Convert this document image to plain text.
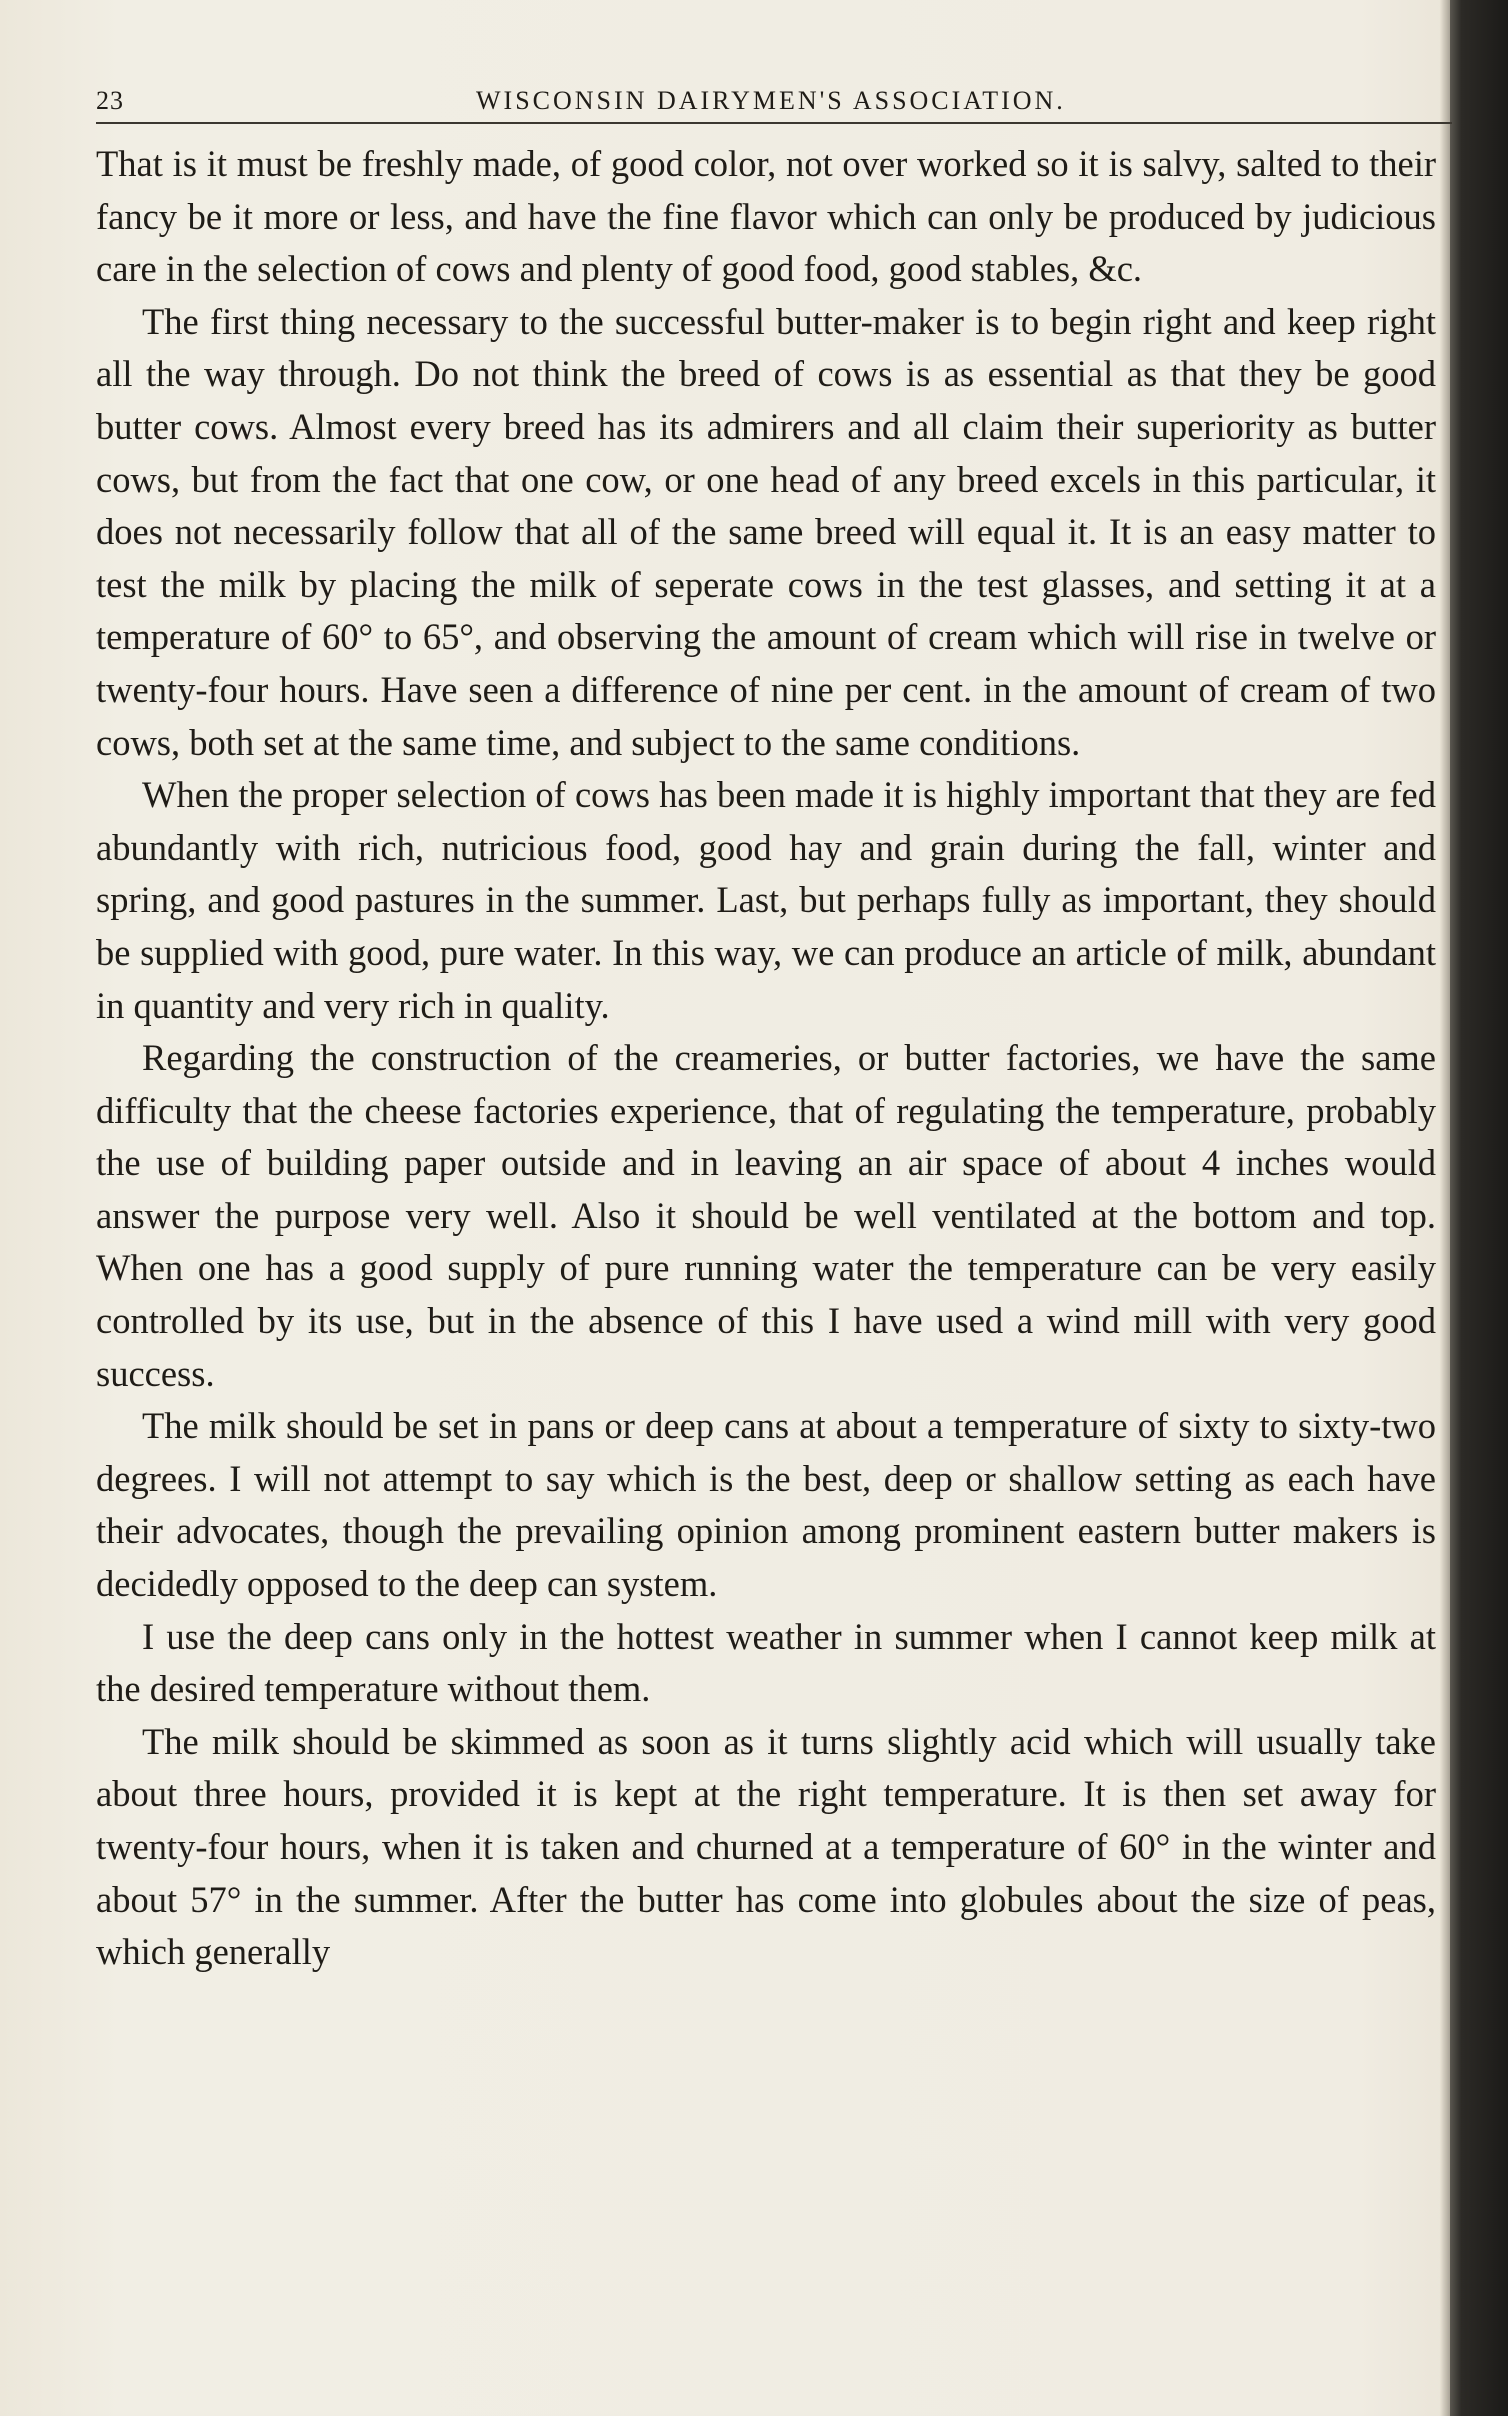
23	WISCONSIN DAIRYMEN'S ASSOCIATION.

That is it must be freshly made, of good color, not over worked so it is salvy, salted to their fancy be it more or less, and have the fine flavor which can only be produced by judicious care in the selection of cows and plenty of good food, good stables, &c.

The first thing necessary to the successful butter-maker is to begin right and keep right all the way through. Do not think the breed of cows is as essential as that they be good butter cows. Almost every breed has its admirers and all claim their superiority as butter cows, but from the fact that one cow, or one head of any breed excels in this particular, it does not necessarily follow that all of the same breed will equal it. It is an easy matter to test the milk by placing the milk of seperate cows in the test glasses, and setting it at a temperature of 60° to 65°, and observing the amount of cream which will rise in twelve or twenty-four hours. Have seen a difference of nine per cent. in the amount of cream of two cows, both set at the same time, and subject to the same conditions.

When the proper selection of cows has been made it is highly important that they are fed abundantly with rich, nutricious food, good hay and grain during the fall, winter and spring, and good pastures in the summer. Last, but perhaps fully as important, they should be supplied with good, pure water. In this way, we can produce an article of milk, abundant in quantity and very rich in quality.

Regarding the construction of the creameries, or butter factories, we have the same difficulty that the cheese factories experience, that of regulating the temperature, probably the use of building paper outside and in leaving an air space of about 4 inches would answer the purpose very well. Also it should be well ventilated at the bottom and top. When one has a good supply of pure running water the temperature can be very easily controlled by its use, but in the absence of this I have used a wind mill with very good success.

The milk should be set in pans or deep cans at about a temperature of sixty to sixty-two degrees. I will not attempt to say which is the best, deep or shallow setting as each have their advocates, though the prevailing opinion among prominent eastern butter makers is decidedly opposed to the deep can system.

I use the deep cans only in the hottest weather in summer when I cannot keep milk at the desired temperature without them.

The milk should be skimmed as soon as it turns slightly acid which will usually take about three hours, provided it is kept at the right temperature. It is then set away for twenty-four hours, when it is taken and churned at a temperature of 60° in the winter and about 57° in the summer. After the butter has come into globules about the size of peas, which generally
